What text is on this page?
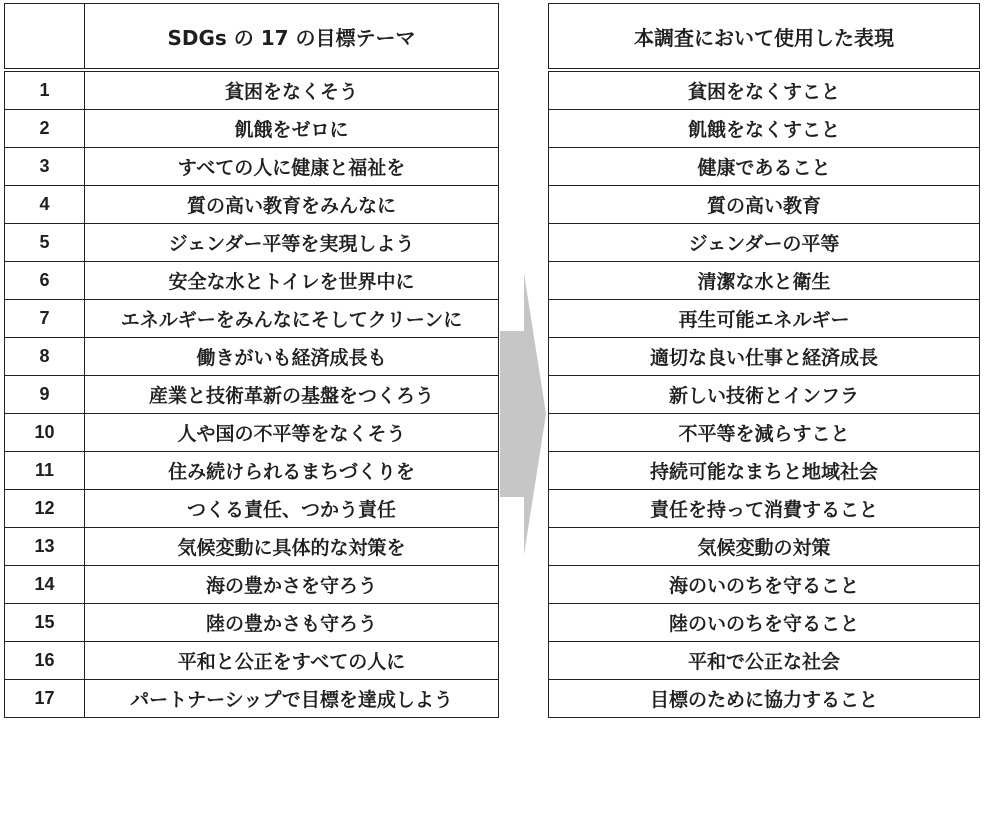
	SDGs の 17 の目標テーマ		本調査において使用した表現
1	貧困をなくそう		貧困をなくすこと
2	飢餓をゼロに		飢餓をなくすこと
3	すべての人に健康と福祉を		健康であること
4	質の高い教育をみんなに		質の高い教育
5	ジェンダー平等を実現しよう		ジェンダーの平等
6	安全な水とトイレを世界中に		清潔な水と衛生
7	エネルギーをみんなにそしてクリーンに		再生可能エネルギー
8	働きがいも経済成長も		適切な良い仕事と経済成長
9	産業と技術革新の基盤をつくろう		新しい技術とインフラ
10	人や国の不平等をなくそう		不平等を減らすこと
11	住み続けられるまちづくりを		持続可能なまちと地域社会
12	つくる責任、つかう責任		責任を持って消費すること
13	気候変動に具体的な対策を		気候変動の対策
14	海の豊かさを守ろう		海のいのちを守ること
15	陸の豊かさも守ろう		陸のいのちを守ること
16	平和と公正をすべての人に		平和で公正な社会
17	パートナーシップで目標を達成しよう		目標のために協力すること
